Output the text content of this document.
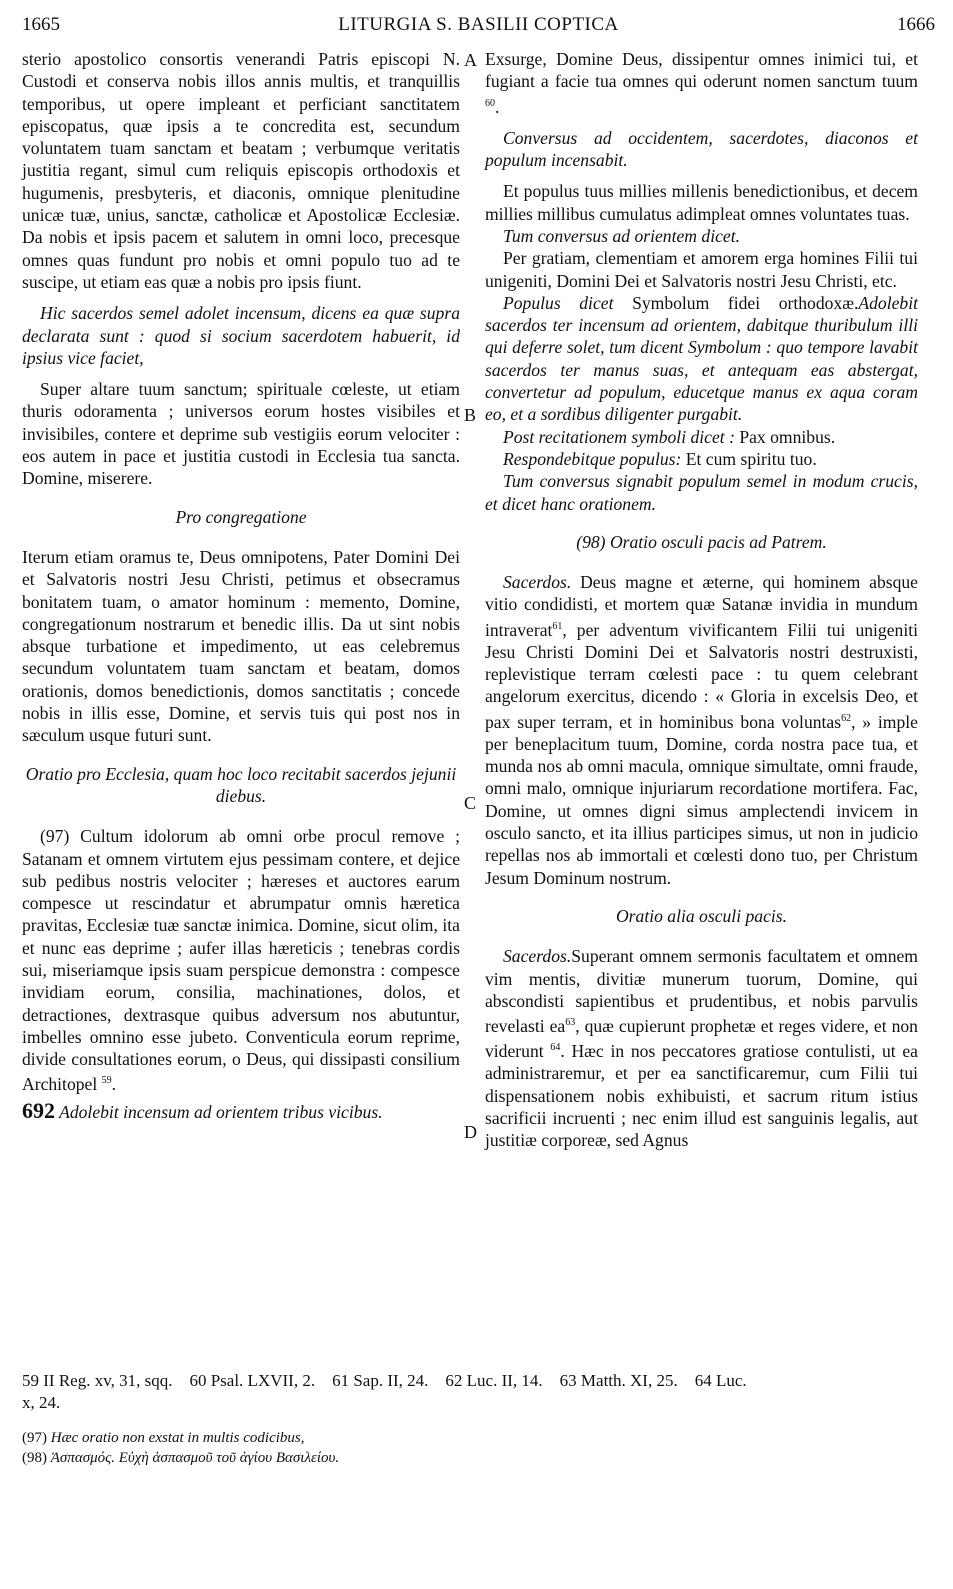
1665	LITURGIA S. BASILII COPTICA	1666
A
B
C
D

sterio apostolico consortis venerandi Patris episcopi N. Custodi et conserva nobis illos annis multis, et tranquillis temporibus, ut opere impleant et perficiant sanctitatem episcopatus, quæ ipsis a te concredita est, secundum voluntatem tuam sanctam et beatam ; verbumque veritatis justitia regant, simul cum reliquis episcopis orthodoxis et hugumenis, presbyteris, et diaconis, omnique plenitudine unicæ tuæ, unius, sanctæ, catholicæ et Apostolicæ Ecclesiæ. Da nobis et ipsis pacem et salutem in omni loco, precesque omnes quas fundunt pro nobis et omni populo tuo ad te suscipe, ut etiam eas quæ a nobis pro ipsis fiunt.

Hic sacerdos semel adolet incensum, dicens ea quæ supra declarata sunt : quod si socium sacerdotem habuerit, id ipsius vice faciet,

Super altare tuum sanctum; spirituale cœleste, ut etiam thuris odoramenta ; universos eorum hostes visibiles et invisibiles, contere et deprime sub vestigiis eorum velociter : eos autem in pace et justitia custodi in Ecclesia tua sancta. Domine, miserere.

Pro congregatione

Iterum etiam oramus te, Deus omnipotens, Pater Domini Dei et Salvatoris nostri Jesu Christi, petimus et obsecramus bonitatem tuam, o amator hominum : memento, Domine, congregationum nostrarum et benedic illis. Da ut sint nobis absque turbatione et impedimento, ut eas celebremus secundum voluntatem tuam sanctam et beatam, domos orationis, domos benedictionis, domos sanctitatis ; concede nobis in illis esse, Domine, et servis tuis qui post nos in sæculum usque futuri sunt.

Oratio pro Ecclesia, quam hoc loco recitabit sacerdos jejunii diebus.

(97) Cultum idolorum ab omni orbe procul remove ; Satanam et omnem virtutem ejus pessimam contere, et dejice sub pedibus nostris velociter ; hæreses et auctores earum compesce ut rescindatur et abrumpatur omnis hæretica pravitas, Ecclesiæ tuæ sanctæ inimica. Domine, sicut olim, ita et nunc eas deprime ; aufer illas hæreticis ; tenebras cordis sui, miseriamque ipsis suam perspicue demonstra : compesce invidiam eorum, consilia, machinationes, dolos, et detractiones, dextrasque quibus adversum nos abutuntur, imbelles omnino esse jubeto. Conventicula eorum reprime, divide consultationes eorum, o Deus, qui dissipasti consilium Architopel $^{59}$.

692 Adolebit incensum ad orientem tribus vicibus.

Exsurge, Domine Deus, dissipentur omnes inimici tui, et fugiant a facie tua omnes qui oderunt nomen sanctum tuum $^{60}$.

Conversus ad occidentem, sacerdotes, diaconos et populum incensabit.

Et populus tuus millies millenis benedictionibus, et decem millies millibus cumulatus adimpleat omnes voluntates tuas.

Tum conversus ad orientem dicet.

Per gratiam, clementiam et amorem erga homines Filii tui unigeniti, Domini Dei et Salvatoris nostri Jesu Christi, etc.

Populus dicet Symbolum fidei orthodoxæ.Adolebit sacerdos ter incensum ad orientem, dabitque thuribulum illi qui deferre solet, tum dicent Symbolum : quo tempore lavabit sacerdos ter manus suas, et antequam eas abstergat, convertetur ad populum, educetque manus ex aqua coram eo, et a sordibus diligenter purgabit.

Post recitationem symboli dicet : Pax omnibus.

Respondebitque populus: Et cum spiritu tuo.

Tum conversus signabit populum semel in modum crucis, et dicet hanc orationem.

(98) Oratio osculi pacis ad Patrem.

Sacerdos. Deus magne et æterne, qui hominem absque vitio condidisti, et mortem quæ Satanæ invidia in mundum intraverat$^{61}$, per adventum vivificantem Filii tui unigeniti Jesu Christi Domini Dei et Salvatoris nostri destruxisti, replevistique terram cœlesti pace : tu quem celebrant angelorum exercitus, dicendo : « Gloria in excelsis Deo, et pax super terram, et in hominibus bona voluntas$^{62}$, » imple per beneplacitum tuum, Domine, corda nostra pace tua, et munda nos ab omni macula, omnique simultate, omni fraude, omni malo, omnique injuriarum recordatione mortifera. Fac, Domine, ut omnes digni simus amplectendi invicem in osculo sancto, et ita illius participes simus, ut non in judicio repellas nos ab immortali et cœlesti dono tuo, per Christum Jesum Dominum nostrum.

Oratio alia osculi pacis.

Sacerdos.Superant omnem sermonis facultatem et omnem vim mentis, divitiæ munerum tuorum, Domine, qui abscondisti sapientibus et prudentibus, et nobis parvulis revelasti $ea^{63}$, quæ cupierunt prophetæ et reges videre, et non viderunt $^{64}$. Hæc in nos peccatores gratiose contulisti, ut ea administraremur, et per ea sanctificaremur, cum Filii tui dispensationem nobis exhibuisti, et sacrum ritum istius sacrificii incruenti ; nec enim illud est sanguinis legalis, aut justitiæ corporeæ, sed Agnus

59 II Reg. xv, 31, sqq. 60 Psal. LXVII, 2. 61 Sap. II, 24. 62 Luc. II, 14. 63 Matth. XI, 25. 64 Luc.
x, 24.
(97) Hæc oratio non exstat in multis codicibus,
(98) Ἀσπασμός. Εὐχὴ ἀσπασμοῦ τοῦ ἁγίου Βασιλείου.
